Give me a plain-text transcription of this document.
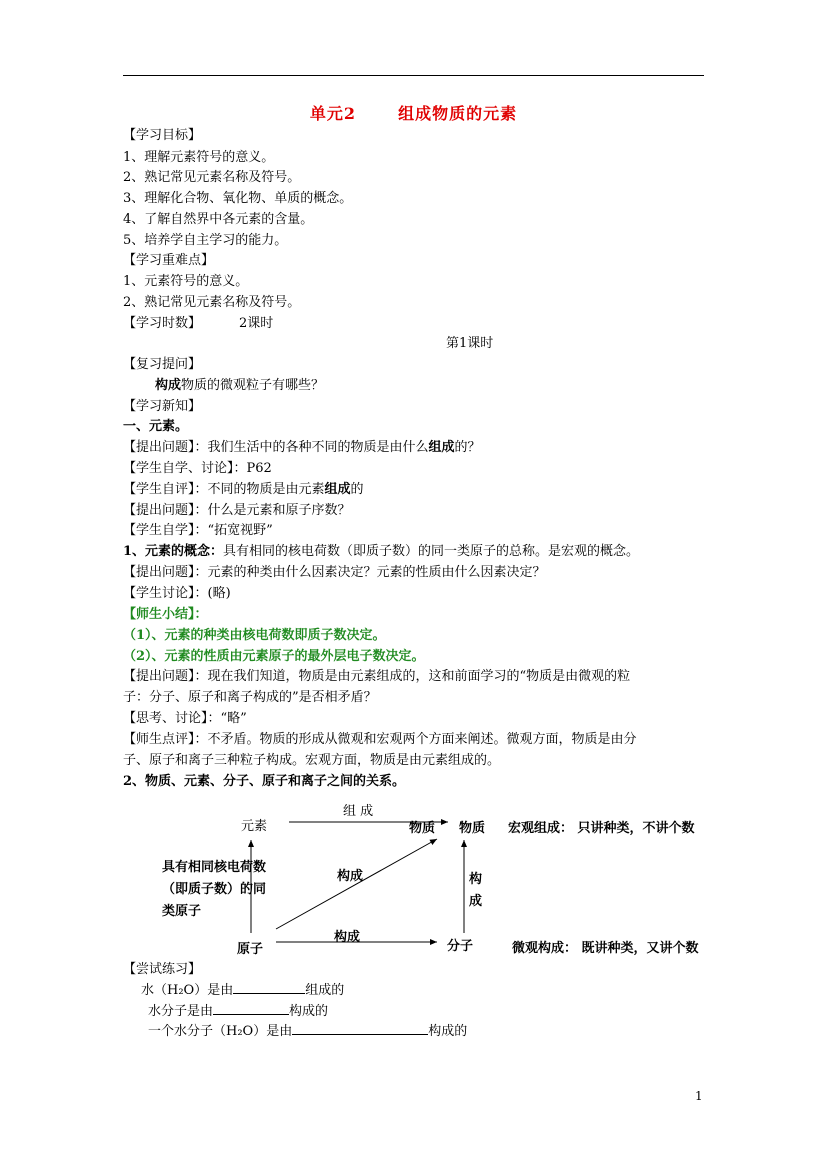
单元2	组成物质的元素
【学习目标】
1、理解元素符号的意义。
2、熟记常见元素名称及符号。
3、理解化合物、氧化物、单质的概念。
4、了解自然界中各元素的含量。
5、培养学自主学习的能力。
【学习重难点】
1、元素符号的意义。
2、熟记常见元素名称及符号。
【学习时数】	2课时
第1课时
【复习提问】
构成物质的微观粒子有哪些？
【学习新知】
一、元素。
【提出问题】：我们生活中的各种不同的物质是由什么组成的？
【学生自学、讨论】：P62
【学生自评】：不同的物质是由元素组成的
【提出问题】：什么是元素和原子序数？
【学生自学】：“拓宽视野”
1、元素的概念：具有相同的核电荷数（即质子数）的同一类原子的总称。是宏观的概念。
【提出问题】：元素的种类由什么因素决定？元素的性质由什么因素决定？
【学生讨论】：(略)
【师生小结】：
（1）、元素的种类由核电荷数即质子数决定。
（2）、元素的性质由元素原子的最外层电子数决定。
【提出问题】：现在我们知道，物质是由元素组成的，这和前面学习的“物质是由微观的粒
子：分子、原子和离子构成的”是否相矛盾？
【思考、讨论】：“略”
【师生点评】：不矛盾。物质的形成从微观和宏观两个方面来阐述。微观方面，物质是由分
子、原子和离子三种粒子构成。宏观方面，物质是由元素组成的。
2、物质、元素、分子、原子和离子之间的关系。
元素
组 成
物质 物质 宏观组成： 只讲种类，不讲个数
具有相同核电荷数
（即质子数）的同
类原子
构成	构
成
原子
构成
分子	微观构成： 既讲种类，又讲个数
【尝试练习】
水（H₂O）是由	组成的
水分子是由	构成的
一个水分子（H₂O）是由	构成的
1
